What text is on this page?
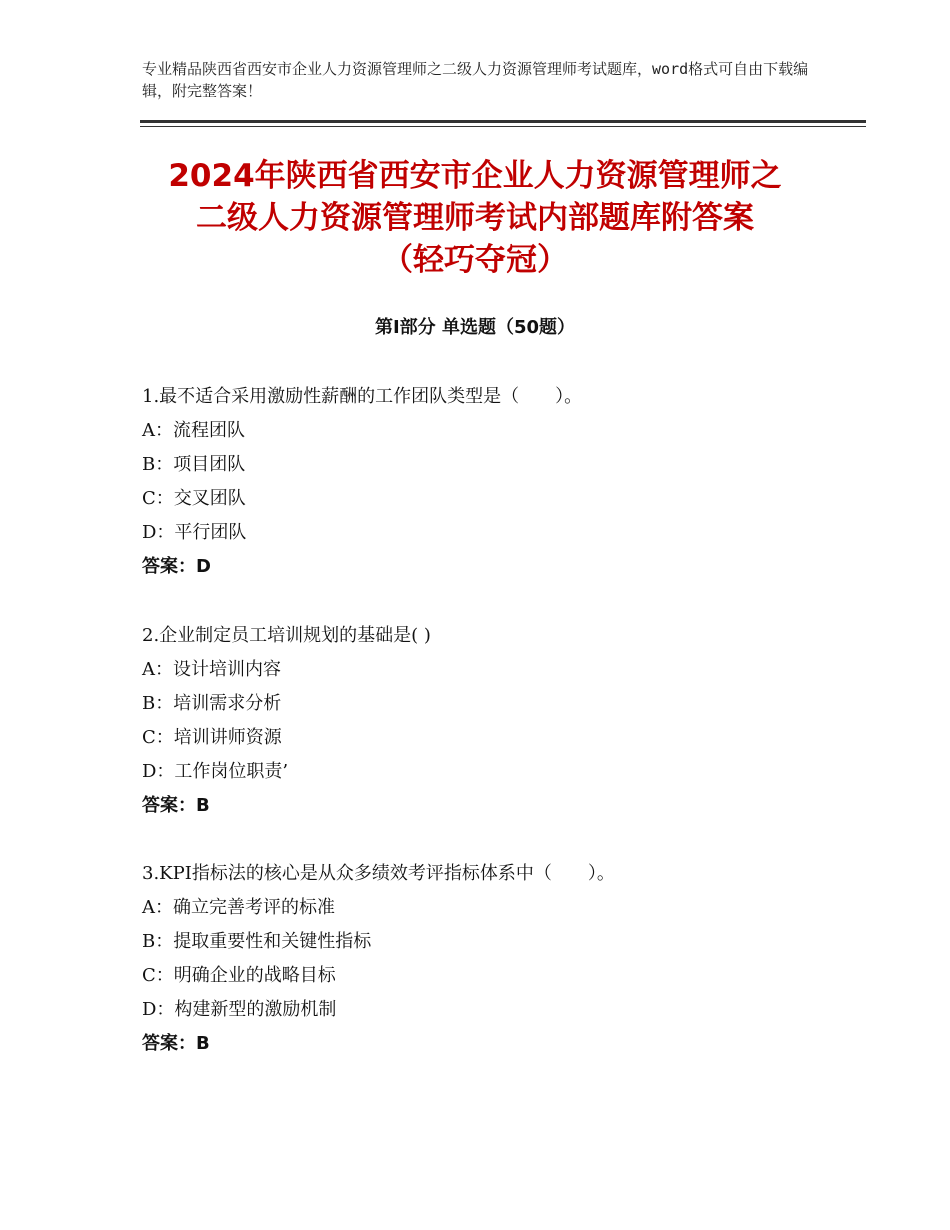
专业精品陕西省西安市企业人力资源管理师之二级人力资源管理师考试题库，word格式可自由下载编辑，附完整答案！
2024年陕西省西安市企业人力资源管理师之
二级人力资源管理师考试内部题库附答案
（轻巧夺冠）
第Ⅰ部分 单选题（50题）
1.最不适合采用激励性薪酬的工作团队类型是（　　）。
A：流程团队
B：项目团队
C：交叉团队
D：平行团队
答案：D
2.企业制定员工培训规划的基础是( )
A：设计培训内容
B：培训需求分析
C：培训讲师资源
D：工作岗位职责’
答案：B
3.KPI指标法的核心是从众多绩效考评指标体系中（　　）。
A：确立完善考评的标准
B：提取重要性和关键性指标
C：明确企业的战略目标
D：构建新型的激励机制
答案：B
